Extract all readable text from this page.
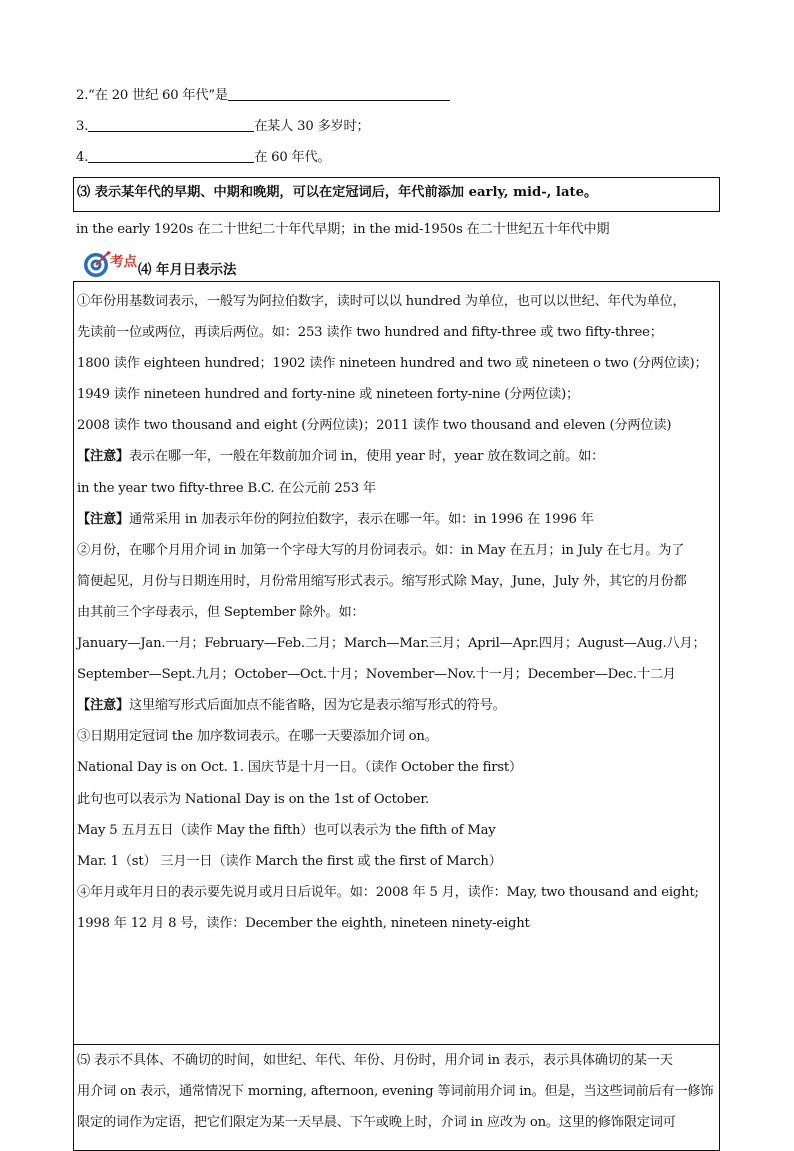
2.“在 20 世纪 60 年代”是
3.	在某人 30 多岁时；
4.	在 60 年代。
⑶ 表示某年代的早期、中期和晚期，可以在定冠词后，年代前添加 early, mid-, late。
in the early 1920s 在二十世纪二十年代早期；in the mid-1950s 在二十世纪五十年代中期
考点 ⑷ 年月日表示法
①年份用基数词表示，一般写为阿拉伯数字，读时可以以 hundred 为单位，也可以以世纪、年代为单位，
先读前一位或两位，再读后两位。如：253 读作 two hundred and fifty-three 或 two fifty-three；
1800 读作 eighteen hundred；1902 读作 nineteen hundred and two 或 nineteen o two (分两位读)；
1949 读作 nineteen hundred and forty-nine 或 nineteen forty-nine (分两位读)；
2008 读作 two thousand and eight (分两位读)；2011 读作 two thousand and eleven (分两位读)
【注意】表示在哪一年，一般在年数前加介词 in，使用 year 时，year 放在数词之前。如：
in the year two fifty-three B.C. 在公元前 253 年
【注意】通常采用 in 加表示年份的阿拉伯数字，表示在哪一年。如：in 1996 在 1996 年
②月份，在哪个月用介词 in 加第一个字母大写的月份词表示。如：in May 在五月；in July 在七月。为了
简便起见，月份与日期连用时，月份常用缩写形式表示。缩写形式除 May，June，July 外，其它的月份都
由其前三个字母表示，但 September 除外。如：
January—Jan.一月；February—Feb.二月；March—Mar.三月；April—Apr.四月；August—Aug.八月；
September—Sept.九月；October—Oct.十月；November—Nov.十一月；December—Dec.十二月
【注意】这里缩写形式后面加点不能省略，因为它是表示缩写形式的符号。
③日期用定冠词 the 加序数词表示。在哪一天要添加介词 on。
National Day is on Oct. 1. 国庆节是十月一日。（读作 October the first）
此句也可以表示为 National Day is on the 1st of October.
May 5 五月五日（读作 May the fifth）也可以表示为 the fifth of May
Mar. 1（st） 三月一日（读作 March the first 或 the first of March）
④年月或年月日的表示要先说月或月日后说年。如：2008 年 5 月，读作：May, two thousand and eight;
1998 年 12 月 8 号，读作：December the eighth, nineteen ninety-eight
⑸ 表示不具体、不确切的时间，如世纪、年代、年份、月份时，用介词 in 表示，表示具体确切的某一天
用介词 on 表示，通常情况下 morning, afternoon, evening 等词前用介词 in。但是，当这些词前后有一修饰
限定的词作为定语，把它们限定为某一天早晨、下午或晚上时，介词 in 应改为 on。这里的修饰限定词可
